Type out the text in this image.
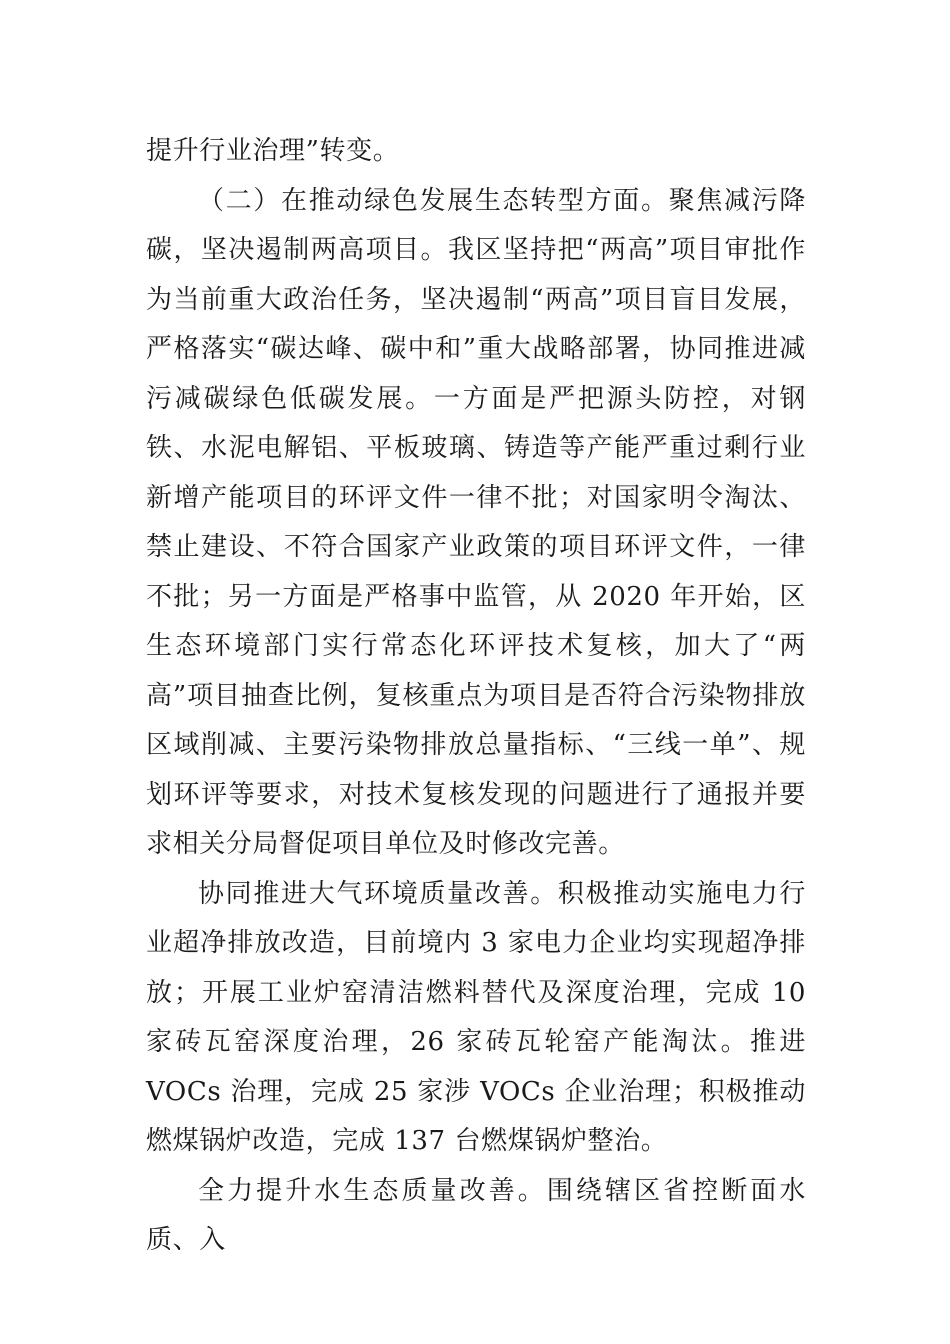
提升行业治理”转变。

（二）在推动绿色发展生态转型方面。聚焦减污降碳，坚决遏制两高项目。我区坚持把“两高”项目审批作为当前重大政治任务，坚决遏制“两高”项目盲目发展，严格落实“碳达峰、碳中和”重大战略部署，协同推进减污减碳绿色低碳发展。一方面是严把源头防控，对钢铁、水泥电解铝、平板玻璃、铸造等产能严重过剩行业新增产能项目的环评文件一律不批；对国家明令淘汰、禁止建设、不符合国家产业政策的项目环评文件，一律不批；另一方面是严格事中监管，从 2020 年开始，区生态环境部门实行常态化环评技术复核，加大了“两高”项目抽查比例，复核重点为项目是否符合污染物排放区域削减、主要污染物排放总量指标、“三线一单”、规划环评等要求，对技术复核发现的问题进行了通报并要求相关分局督促项目单位及时修改完善。

协同推进大气环境质量改善。积极推动实施电力行业超净排放改造，目前境内 3 家电力企业均实现超净排放；开展工业炉窑清洁燃料替代及深度治理，完成 10 家砖瓦窑深度治理，26 家砖瓦轮窑产能淘汰。推进 VOCs 治理，完成 25 家涉 VOCs 企业治理；积极推动燃煤锅炉改造，完成 137 台燃煤锅炉整治。

全力提升水生态质量改善。围绕辖区省控断面水质、入
